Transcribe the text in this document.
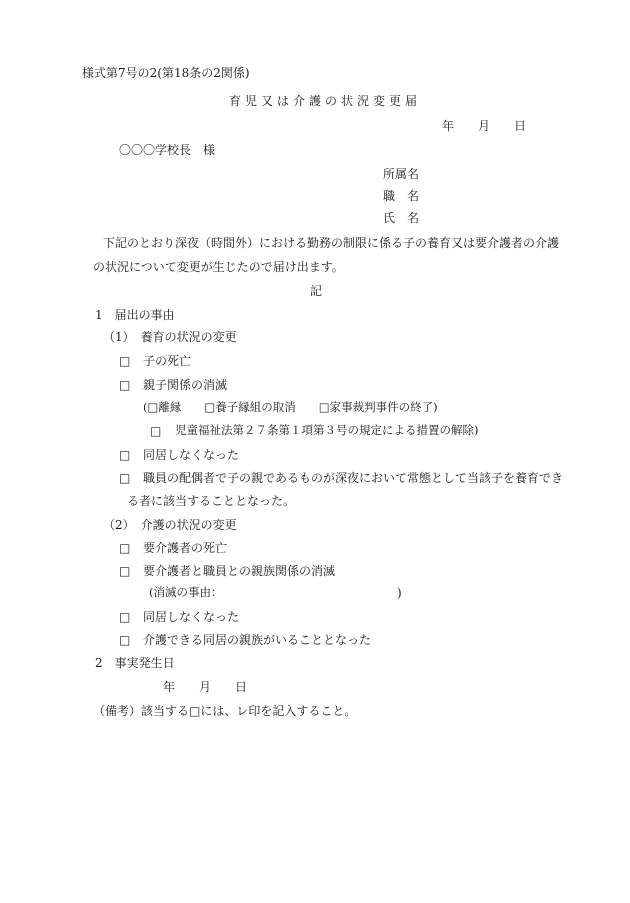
様式第7号の2(第18条の2関係)
育児又は介護の状況変更届
年　　月　　日
〇〇〇学校長　様
所属名
職　名
氏　名
下記のとおり深夜（時間外）における勤務の制限に係る子の養育又は要介護者の介護
の状況について変更が生じたので届け出ます。
記
1　届出の事由
（1）　養育の状況の変更
□ 子の死亡
□ 親子関係の消滅
(□離縁　　□養子縁組の取消　　□家事裁判事件の終了)
□ 児童福祉法第２７条第１項第３号の規定による措置の解除)
□ 同居しなくなった
□ 職員の配偶者で子の親であるものが深夜において常態として当該子を養育でき
る者に該当することとなった。
（2）　介護の状況の変更
□ 要介護者の死亡
□ 要介護者と職員との親族関係の消滅
(消滅の事由：	)
□ 同居しなくなった
□ 介護できる同居の親族がいることとなった
2　事実発生日
年　　月　　日
（備考）該当する□には、レ印を記入すること。
